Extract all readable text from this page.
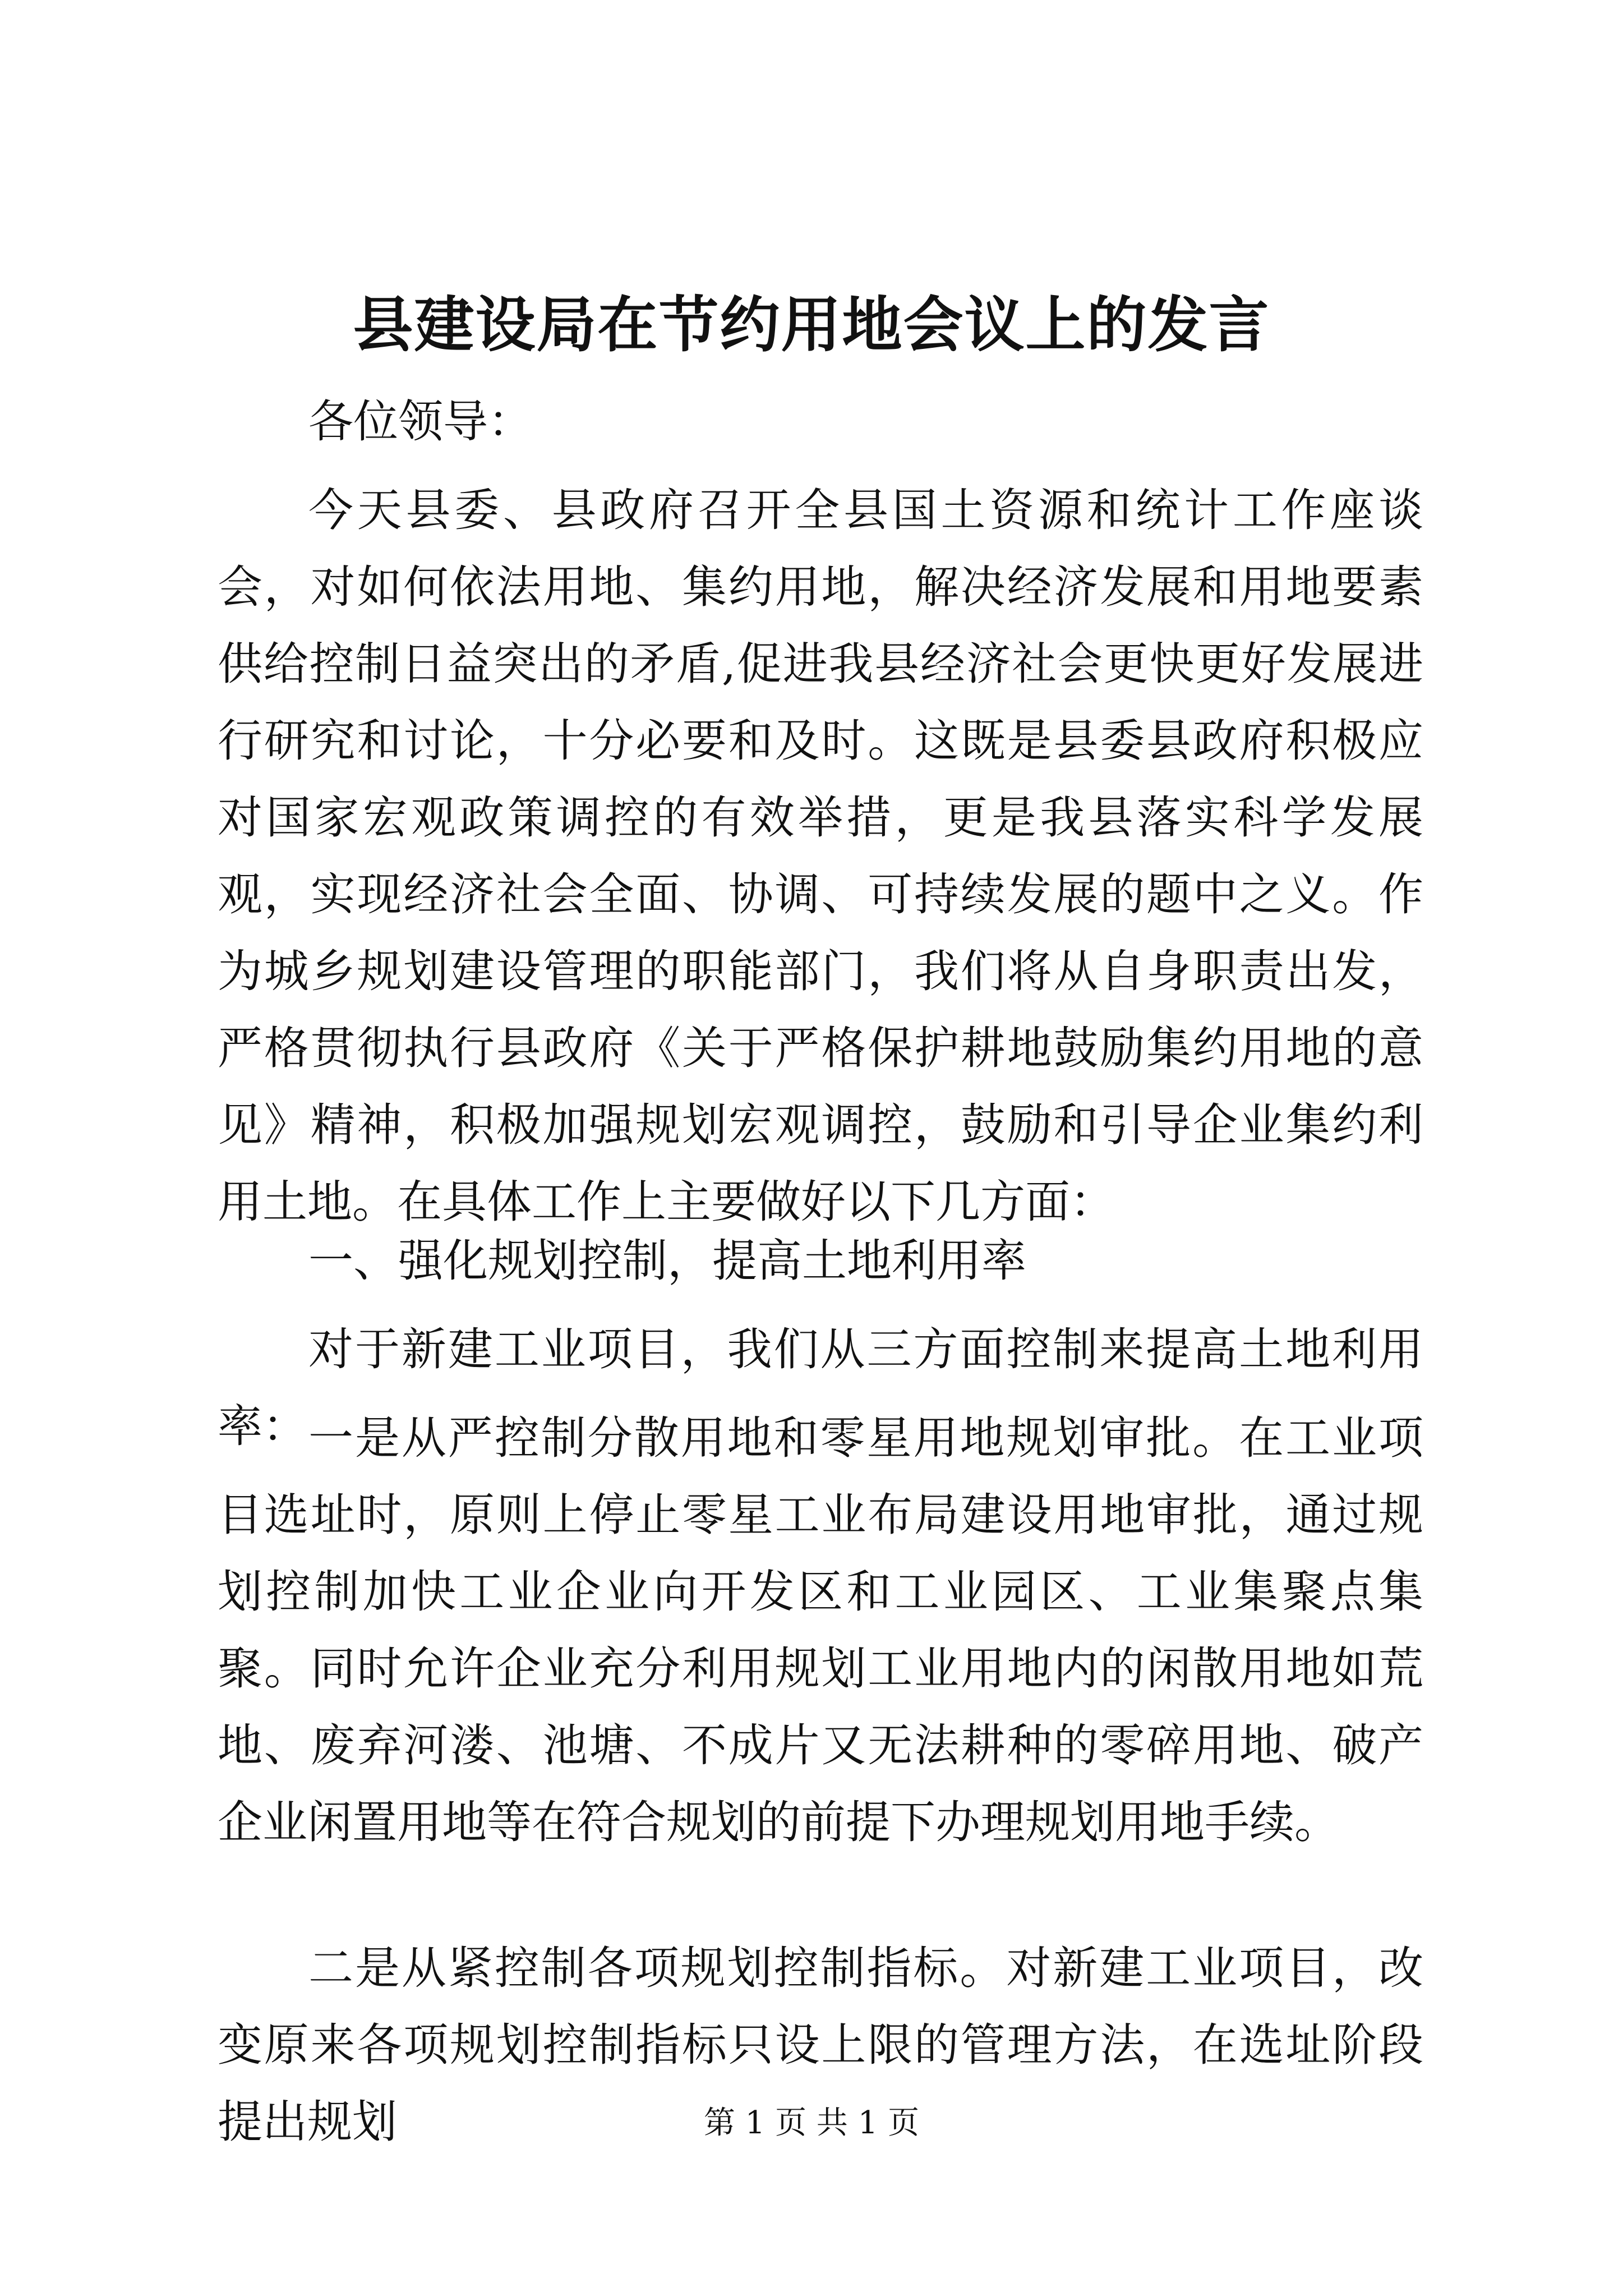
县建设局在节约用地会议上的发言

各位领导：

今天县委、县政府召开全县国土资源和统计工作座谈会，对如何依法用地、集约用地，解决经济发展和用地要素供给控制日益突出的矛盾,促进我县经济社会更快更好发展进行研究和讨论，十分必要和及时。这既是县委县政府积极应对国家宏观政策调控的有效举措，更是我县落实科学发展观，实现经济社会全面、协调、可持续发展的题中之义。作为城乡规划建设管理的职能部门，我们将从自身职责出发，严格贯彻执行县政府《关于严格保护耕地鼓励集约用地的意见》精神，积极加强规划宏观调控，鼓励和引导企业集约利用土地。在具体工作上主要做好以下几方面：

一、强化规划控制，提高土地利用率

对于新建工业项目，我们从三方面控制来提高土地利用率： 一是从严控制分散用地和零星用地规划审批。在工业项目选址时，原则上停止零星工业布局建设用地审批，通过规划控制加快工业企业向开发区和工业园区、工业集聚点集聚。同时允许企业充分利用规划工业用地内的闲散用地如荒地、废弃河溇、池塘、不成片又无法耕种的零碎用地、破产企业闲置用地等在符合规划的前提下办理规划用地手续。

二是从紧控制各项规划控制指标。对新建工业项目，改变原来各项规划控制指标只设上限的管理方法，在选址阶段提出规划	第 1 页 共 1 页
